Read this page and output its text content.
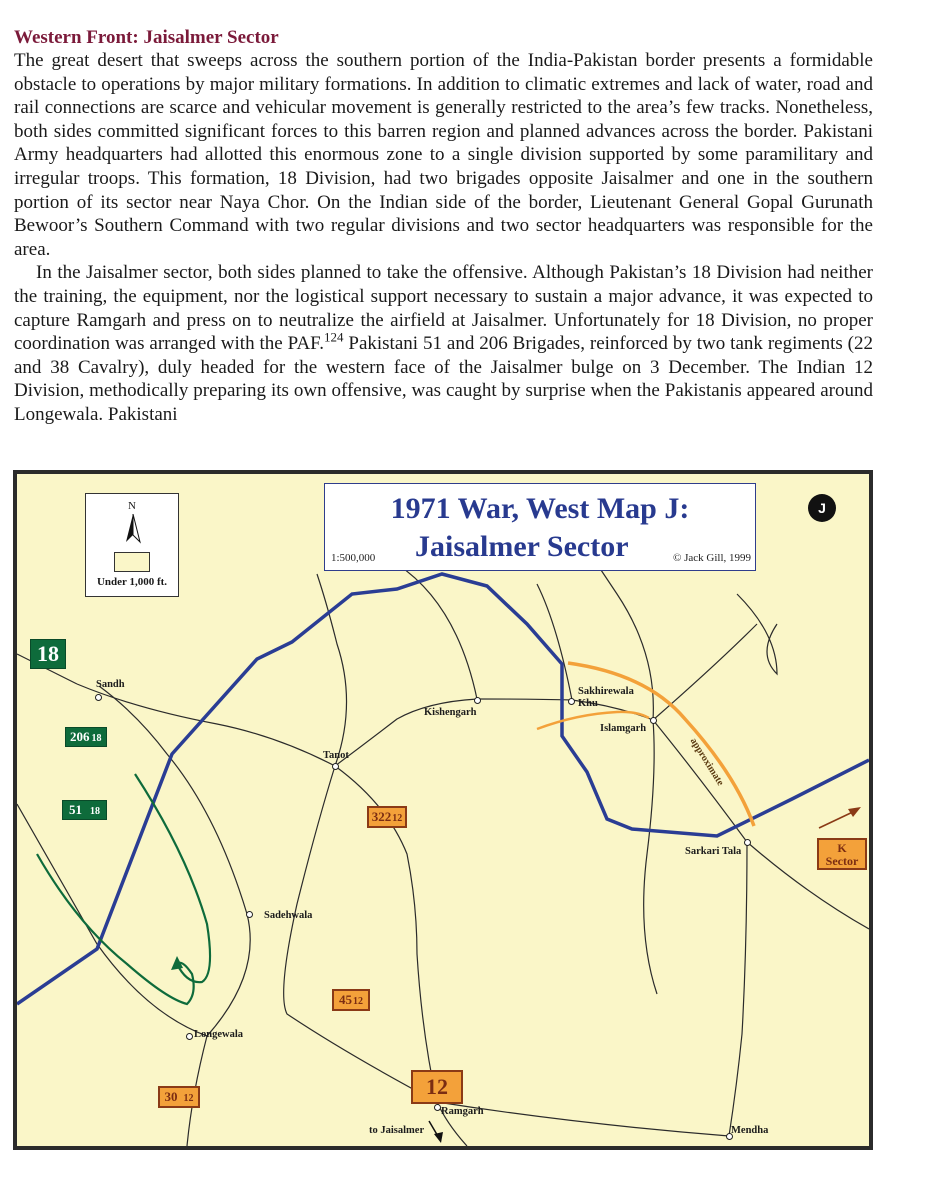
Western Front: Jaisalmer Sector

The great desert that sweeps across the southern portion of the India-Pakistan border presents a formidable obstacle to operations by major military formations. In addition to climatic extremes and lack of water, road and rail connections are scarce and vehicular movement is generally restricted to the area’s few tracks. Nonetheless, both sides committed significant forces to this barren region and planned advances across the border. Pakistani Army headquarters had allotted this enormous zone to a single division supported by some paramilitary and irregular troops. This formation, 18 Division, had two brigades opposite Jaisalmer and one in the southern portion of its sector near Naya Chor. On the Indian side of the border, Lieutenant General Gopal Gurunath Bewoor’s Southern Command with two regular divisions and two sector headquarters was responsible for the area.

In the Jaisalmer sector, both sides planned to take the offensive. Although Pakistan’s 18 Division had neither the training, the equipment, nor the logistical support necessary to sustain a major advance, it was expected to capture Ramgarh and press on to neutralize the airfield at Jaisalmer. Unfortunately for 18 Division, no proper coordination was arranged with the PAF.$^{124}$ Pakistani 51 and 206 Brigades, reinforced by two tank regiments (22 and 38 Cavalry), duly headed for the western face of the Jaisalmer bulge on 3 December. The Indian 12 Division, methodically preparing its own offensive, was caught by surprise when the Pakistanis appeared around Longewala. Pakistani

N
Under 1,000 ft.
1971 War, West Map J:
Jaisalmer Sector
1:500,000	© Jack Gill, 1999
J
18
206 18
51 18	32212
4512
12
30 12
K
Sector
Sandh
Kishengarh
Sakhirewala
Khu
Islamgarh
Tanot
Sarkari Tala
Sadehwala
Longewala
Ramgarh
to Jaisalmer	Mendha
approximate
